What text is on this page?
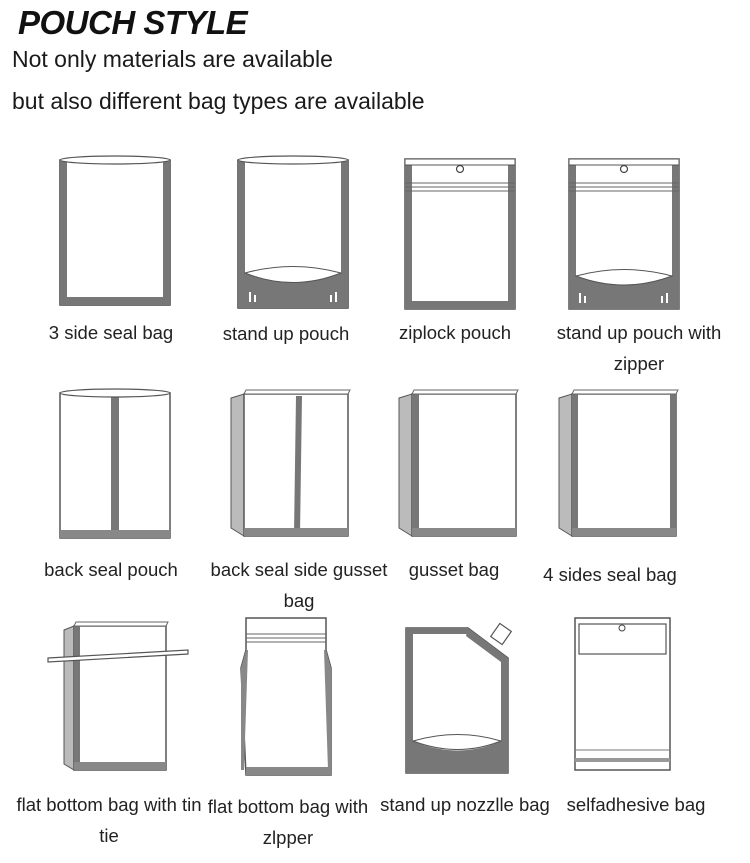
POUCH STYLE
Not only materials are available
but also different bag types are available
3 side seal bag	stand up pouch	ziplock pouch	stand up pouch with zipper
back seal pouch	back seal side gusset bag
gusset bag	4 sides seal bag
flat bottom bag with tin tie
flat bottom bag with zlpper
stand up nozzlle bag selfadhesive bag
